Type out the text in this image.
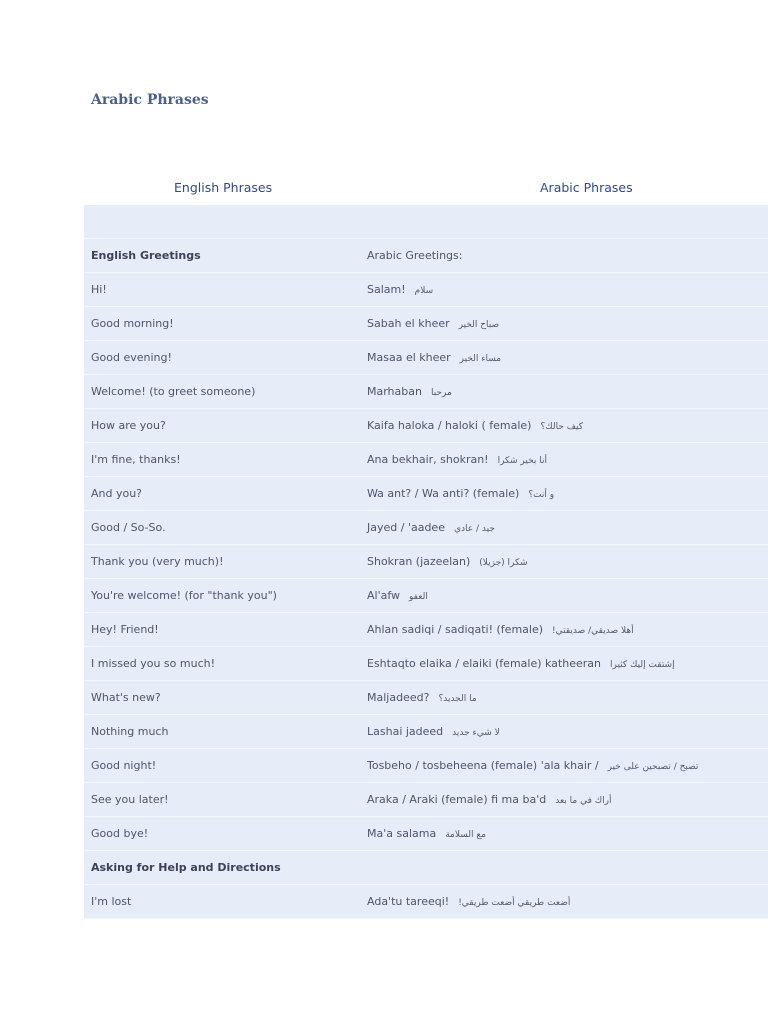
Arabic Phrases
English Phrases	Arabic Phrases
English Greetings	Arabic Greetings:
Hi!	Salam! سلام
Good morning!	Sabah el kheer صباح الخير
Good evening!	Masaa el kheer مساء الخير
Welcome! (to greet someone)	Marhaban مرحبا
How are you?	Kaifa haloka / haloki ( female) كيف حالك؟
I'm fine, thanks!	Ana bekhair, shokran! أنا بخير شكرا
And you?	Wa ant? / Wa anti? (female) و أنت؟
Good / So-So.	Jayed / 'aadee جيد / عادي
Thank you (very much)!	Shokran (jazeelan) شكرا (جزيلا)
You're welcome! (for "thank you")	Al'afw العفو
Hey! Friend!	Ahlan sadiqi / sadiqati! (female) أهلا صديقي/ صديقتي!
I missed you so much!	Eshtaqto elaika / elaiki (female) katheeran إشتقت إليك كثيرا
What's new?	Maljadeed? ما الجديد؟
Nothing much	Lashai jadeed لا شيء جديد
Good night!	Tosbeho / tosbeheena (female) 'ala khair / تصبح / تصبحين على خير
See you later!	Araka / Araki (female) fi ma ba'd أراك في ما بعد
Good bye!	Ma'a salama مع السلامة
Asking for Help and Directions
I'm lost	Ada'tu tareeqi! أضعت طريقي أضعت طريقي!
